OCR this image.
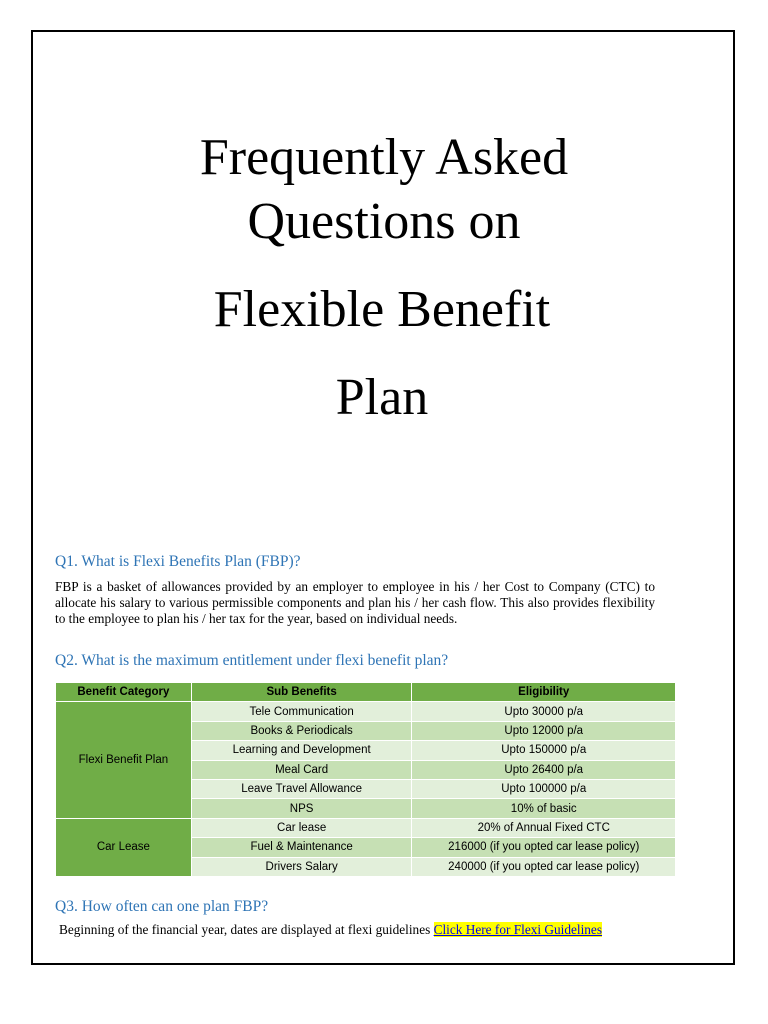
Frequently Asked
Questions on
Flexible Benefit
Plan
Q1. What is Flexi Benefits Plan (FBP)?
FBP is a basket of allowances provided by an employer to employee in his / her Cost to Company (CTC) to allocate his salary to various permissible components and plan his / her cash flow. This also provides flexibility to the employee to plan his / her tax for the year, based on individual needs.
Q2. What is the maximum entitlement under flexi benefit plan?
Benefit Category	Sub Benefits	Eligibility
Flexi Benefit Plan	Tele Communication	Upto 30000 p/a
	Books & Periodicals	Upto 12000 p/a
	Learning and Development	Upto 150000 p/a
	Meal Card	Upto 26400 p/a
	Leave Travel Allowance	Upto 100000 p/a
	NPS	10% of basic
Car Lease	Car lease	20% of Annual Fixed CTC
	Fuel & Maintenance	216000 (if you opted car lease policy)
	Drivers Salary	240000 (if you opted car lease policy)
Q3. How often can one plan FBP?
Beginning of the financial year, dates are displayed at flexi guidelines Click Here for Flexi Guidelines
